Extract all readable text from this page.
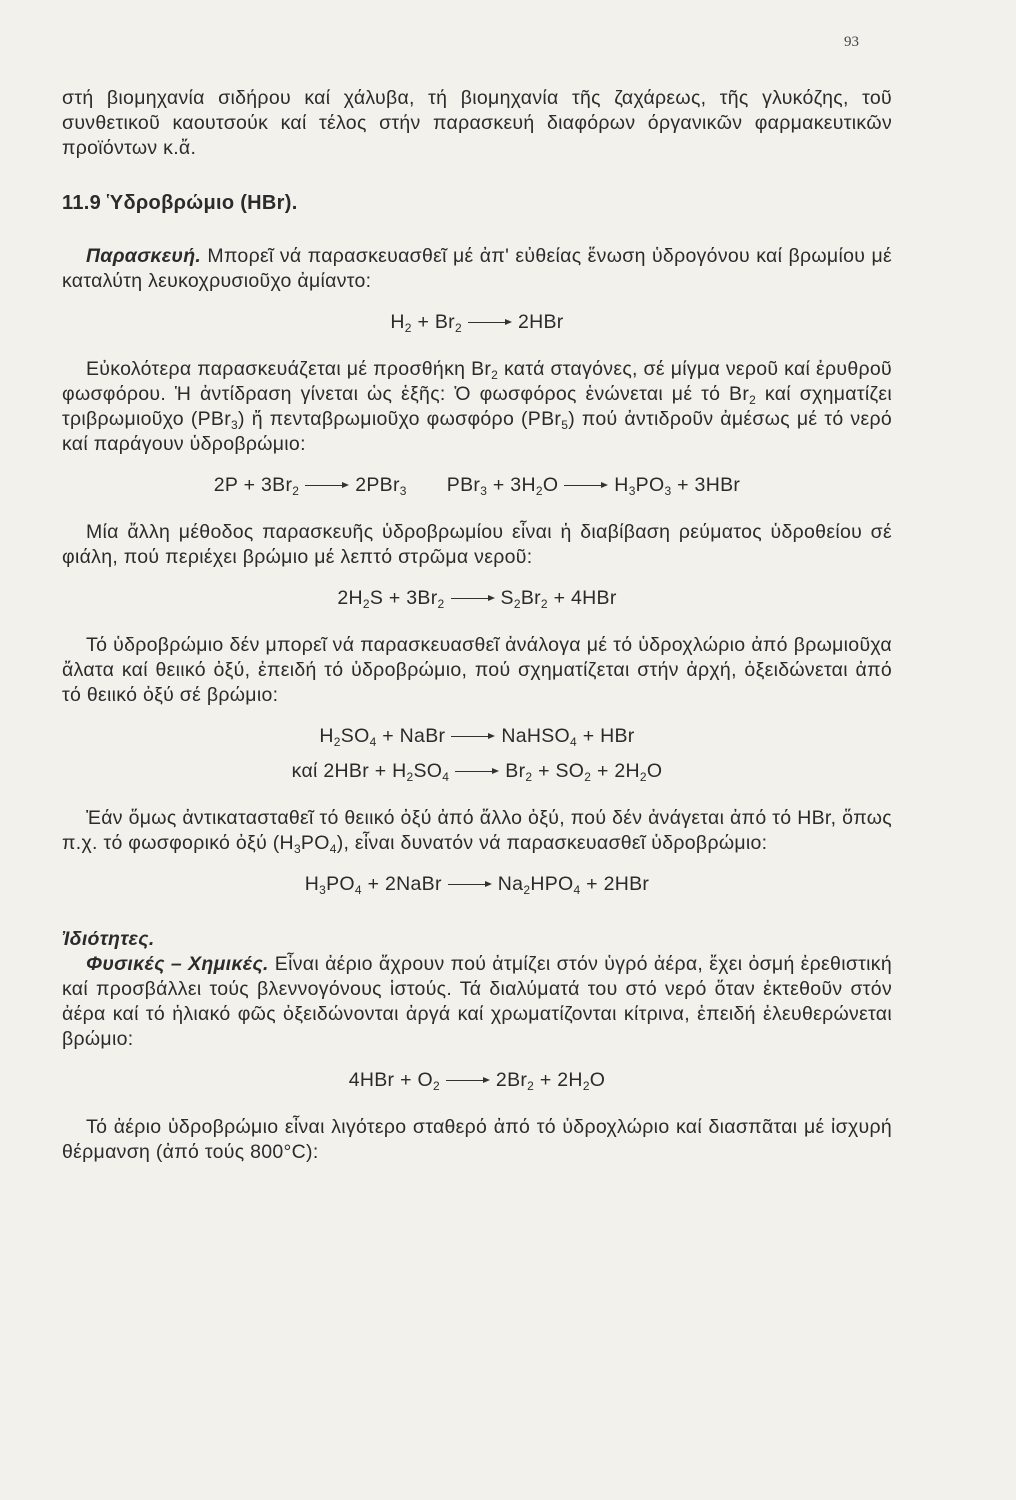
93

στή βιομηχανία σιδήρου καί χάλυβα, τή βιομηχανία τῆς ζαχάρεως, τῆς γλυκόζης, τοῦ συνθετικοῦ καουτσούκ καί τέλος στήν παρασκευή διαφόρων όργανικῶν φαρμακευτικῶν προϊόντων κ.ἄ.

11.9 Ὑδροβρώμιο (HBr).

Παρασκευή. Μπορεῖ νά παρασκευασθεῖ μέ ἀπ' εὐθείας ἕνωση ὑδρογόνου καί βρωμίου μέ καταλύτη λευκοχρυσιοῦχο ἀμίαντο:

$H_2 + Br_2$	2HBr

Εὐκολότερα παρασκευάζεται μέ προσθήκη $Br_2$ κατά σταγόνες, σέ μίγμα νεροῦ καί ἐρυθροῦ φωσφόρου. Ἡ ἀντίδραση γίνεται ὡς ἑξῆς: Ὁ φωσφόρος ἑνώνεται μέ τό $Br_2$ καί σχηματίζει τριβρωμιοῦχο (PBr$_3$) ἤ πενταβρωμιοῦχο φωσφόρο (PBr$_5$) πού ἀντιδροῦν ἀμέσως μέ τό νερό καί παράγουν ὑδροβρώμιο:

$2P + 3Br_2$	2PBr$_3$ $PBr_3 + 3H_2O$	$H_3PO_3 + 3HBr$

Μία ἄλλη μέθοδος παρασκευῆς ὑδροβρωμίου εἶναι ἡ διαβίβαση ρεύματος ὑδροθείου σέ φιάλη, πού περιέχει βρώμιο μέ λεπτό στρῶμα νεροῦ:

$2H_2S + 3Br_2$	$S_2Br_2 + 4HBr$

Τό ὑδροβρώμιο δέν μπορεῖ νά παρασκευασθεῖ ἀνάλογα μέ τό ὑδροχλώριο ἀπό βρωμιοῦχα ἄλατα καί θειικό ὀξύ, ἐπειδή τό ὑδροβρώμιο, πού σχηματίζεται στήν ἀρχή, ὀξειδώνεται ἀπό τό θειικό ὀξύ σέ βρώμιο:

$H_2SO_4$ + NaBr	NaHSO$_4$ + HBr
καί $2HBr + H_2SO_4$	$Br_2 + SO_2 + 2H_2O$

Ἐάν ὅμως ἀντικατασταθεῖ τό θειικό ὀξύ ἀπό ἄλλο ὀξύ, πού δέν ἀνάγεται ἀπό τό HBr, ὅπως π.χ. τό φωσφορικό ὀξύ $(H_3PO_4)$, εἶναι δυνατόν νά παρασκευασθεῖ ὑδροβρώμιο:

$H_3PO_4$ + 2NaBr	$Na_2HPO_4 + 2HBr$
Ἰδιότητες.

Φυσικές – Χημικές. Εἶναι ἀέριο ἄχρουν πού ἀτμίζει στόν ὑγρό ἀέρα, ἔχει ὀσμή ἐρεθιστική καί προσβάλλει τούς βλεννογόνους ἱστούς. Τά διαλύματά του στό νερό ὅταν ἐκτεθοῦν στόν ἀέρα καί τό ἡλιακό φῶς ὀξειδώνονται ἀργά καί χρωματίζονται κίτρινα, ἐπειδή ἐλευθερώνεται βρώμιο:

$4HBr + O_2$	$2Br_2 + 2H_2O$

Τό ἀέριο ὑδροβρώμιο εἶναι λιγότερο σταθερό ἀπό τό ὑδροχλώριο καί διασπᾶται μέ ἰσχυρή θέρμανση (ἀπό τούς 800°C):
